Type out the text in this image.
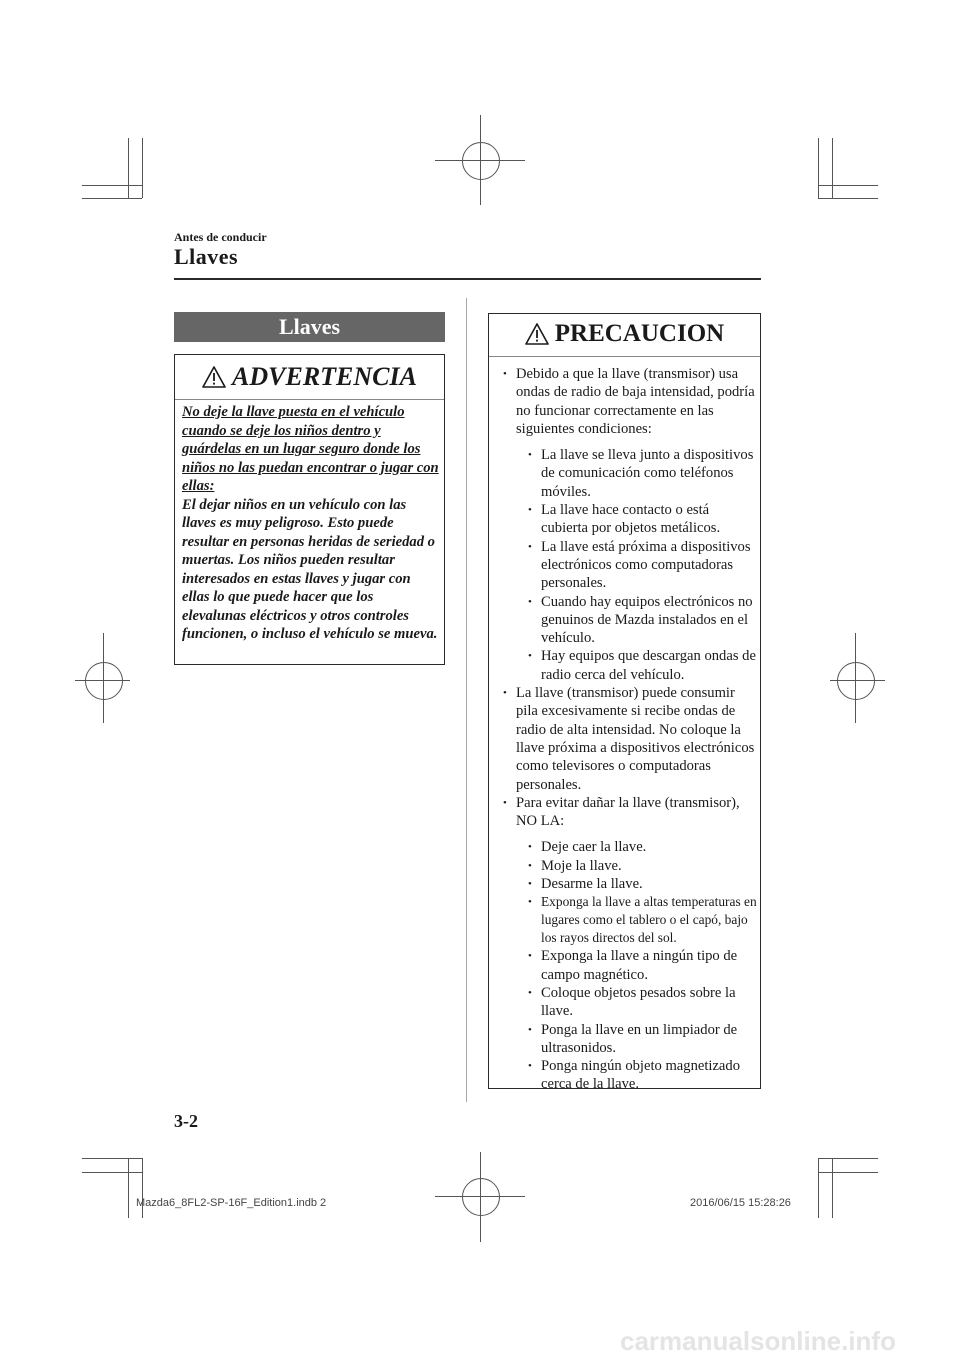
Antes de conducir
Llaves
Llaves
ADVERTENCIA

No deje la llave puesta en el vehículo cuando se deje los niños dentro y guárdelas en un lugar seguro donde los niños no las puedan encontrar o jugar con ellas:

El dejar niños en un vehículo con las llaves es muy peligroso. Esto puede resultar en personas heridas de seriedad o muertas. Los niños pueden resultar interesados en estas llaves y jugar con ellas lo que puede hacer que los elevalunas eléctricos y otros controles funcionen, o incluso el vehículo se mueva.

PRECAUCION
• Debido a que la llave (transmisor) usa ondas de radio de baja intensidad, podría no funcionar correctamente en las siguientes condiciones:
• La llave se lleva junto a dispositivos de comunicación como teléfonos móviles.
• La llave hace contacto o está cubierta por objetos metálicos.
• La llave está próxima a dispositivos electrónicos como computadoras personales.
• Cuando hay equipos electrónicos no genuinos de Mazda instalados en el vehículo.
• Hay equipos que descargan ondas de radio cerca del vehículo.
• La llave (transmisor) puede consumir pila excesivamente si recibe ondas de radio de alta intensidad. No coloque la llave próxima a dispositivos electrónicos como televisores o computadoras personales.
• Para evitar dañar la llave (transmisor), NO LA:
• Deje caer la llave.
• Moje la llave.
• Desarme la llave.
• Exponga la llave a altas temperaturas en lugares como el tablero o el capó, bajo los rayos directos del sol.
• Exponga la llave a ningún tipo de campo magnético.
• Coloque objetos pesados sobre la llave.
• Ponga la llave en un limpiador de ultrasonidos.
• Ponga ningún objeto magnetizado cerca de la llave.
3-2
Mazda6_8FL2-SP-16F_Edition1.indb 2	2016/06/15 15:28:26
carmanualsonline.info
